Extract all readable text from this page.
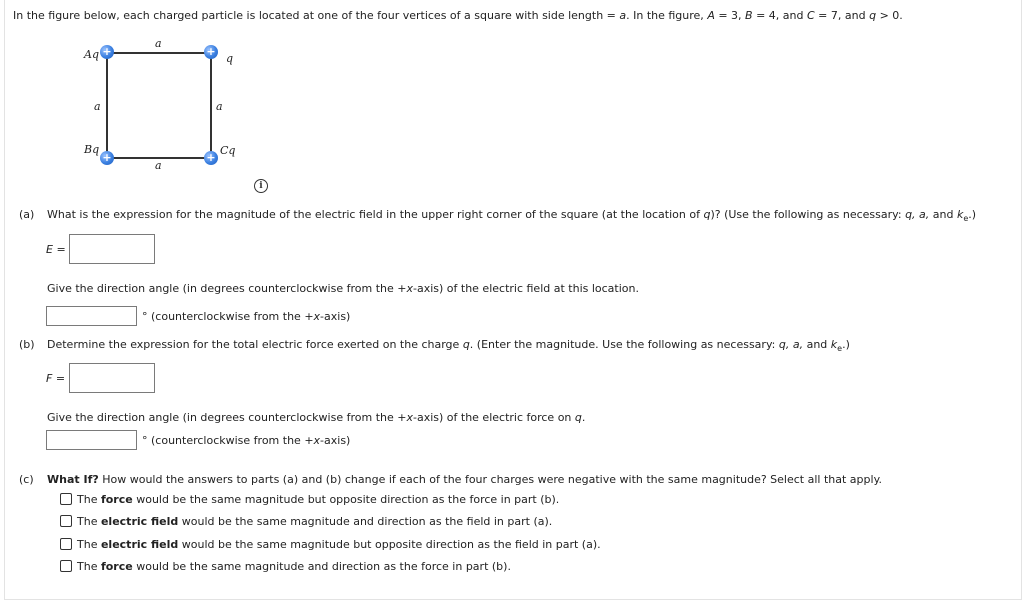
In the figure below, each charged particle is located at one of the four vertices of a square with side length = a. In the figure, A = 3, B = 4, and C = 7, and q > 0.
a
a	a
a
Aq	q
Bq	Cq
+	+
+	+
i
(a) What is the expression for the magnitude of the electric field in the upper right corner of the square (at the location of q)? (Use the following as necessary: q, a, and $k_e$.)
E =
Give the direction angle (in degrees counterclockwise from the +x-axis) of the electric field at this location.
° (counterclockwise from the +x-axis)
(b) Determine the expression for the total electric force exerted on the charge q. (Enter the magnitude. Use the following as necessary: q, a, and $k_e$.)
F =
Give the direction angle (in degrees counterclockwise from the +x-axis) of the electric force on q.
° (counterclockwise from the +x-axis)
(c) What If? How would the answers to parts (a) and (b) change if each of the four charges were negative with the same magnitude? Select all that apply.
The force would be the same magnitude but opposite direction as the force in part (b).
The electric field would be the same magnitude and direction as the field in part (a).
The electric field would be the same magnitude but opposite direction as the field in part (a).
The force would be the same magnitude and direction as the force in part (b).
